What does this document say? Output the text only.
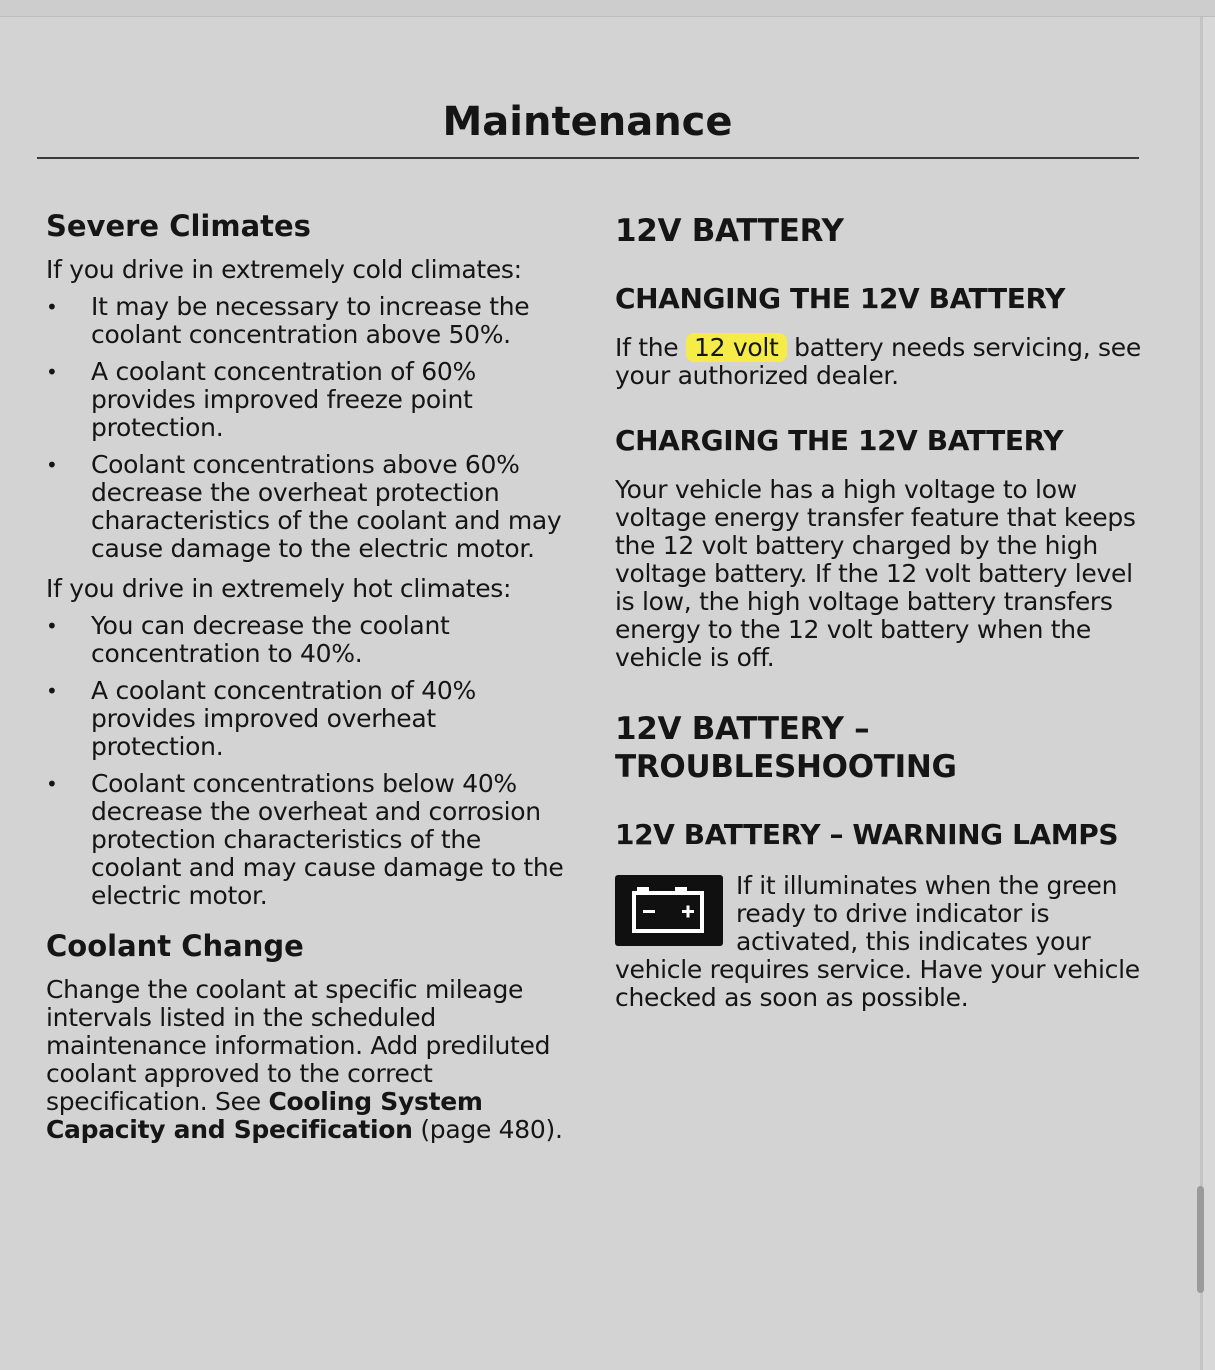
Maintenance
Severe Climates

If you drive in extremely cold climates:

• It may be necessary to increase the coolant concentration above 50%.
• A coolant concentration of 60% provides improved freeze point protection.
• Coolant concentrations above 60% decrease the overheat protection characteristics of the coolant and may cause damage to the electric motor.

If you drive in extremely hot climates:

• You can decrease the coolant concentration to 40%.
• A coolant concentration of 40% provides improved overheat protection.
• Coolant concentrations below 40% decrease the overheat and corrosion protection characteristics of the coolant and may cause damage to the electric motor.
Coolant Change

Change the coolant at specific mileage intervals listed in the scheduled maintenance information. Add prediluted coolant approved to the correct specification. See Cooling System Capacity and Specification (page 480).

12V BATTERY
CHANGING THE 12V BATTERY

If the 12 volt battery needs servicing, see your authorized dealer.

CHARGING THE 12V BATTERY

Your vehicle has a high voltage to low voltage energy transfer feature that keeps the 12 volt battery charged by the high voltage battery. If the 12 volt battery level is low, the high voltage battery transfers energy to the 12 volt battery when the vehicle is off.

12V BATTERY – TROUBLESHOOTING
12V BATTERY – WARNING LAMPS

If it illuminates when the green ready to drive indicator is activated, this indicates your vehicle requires service. Have your vehicle checked as soon as possible.
